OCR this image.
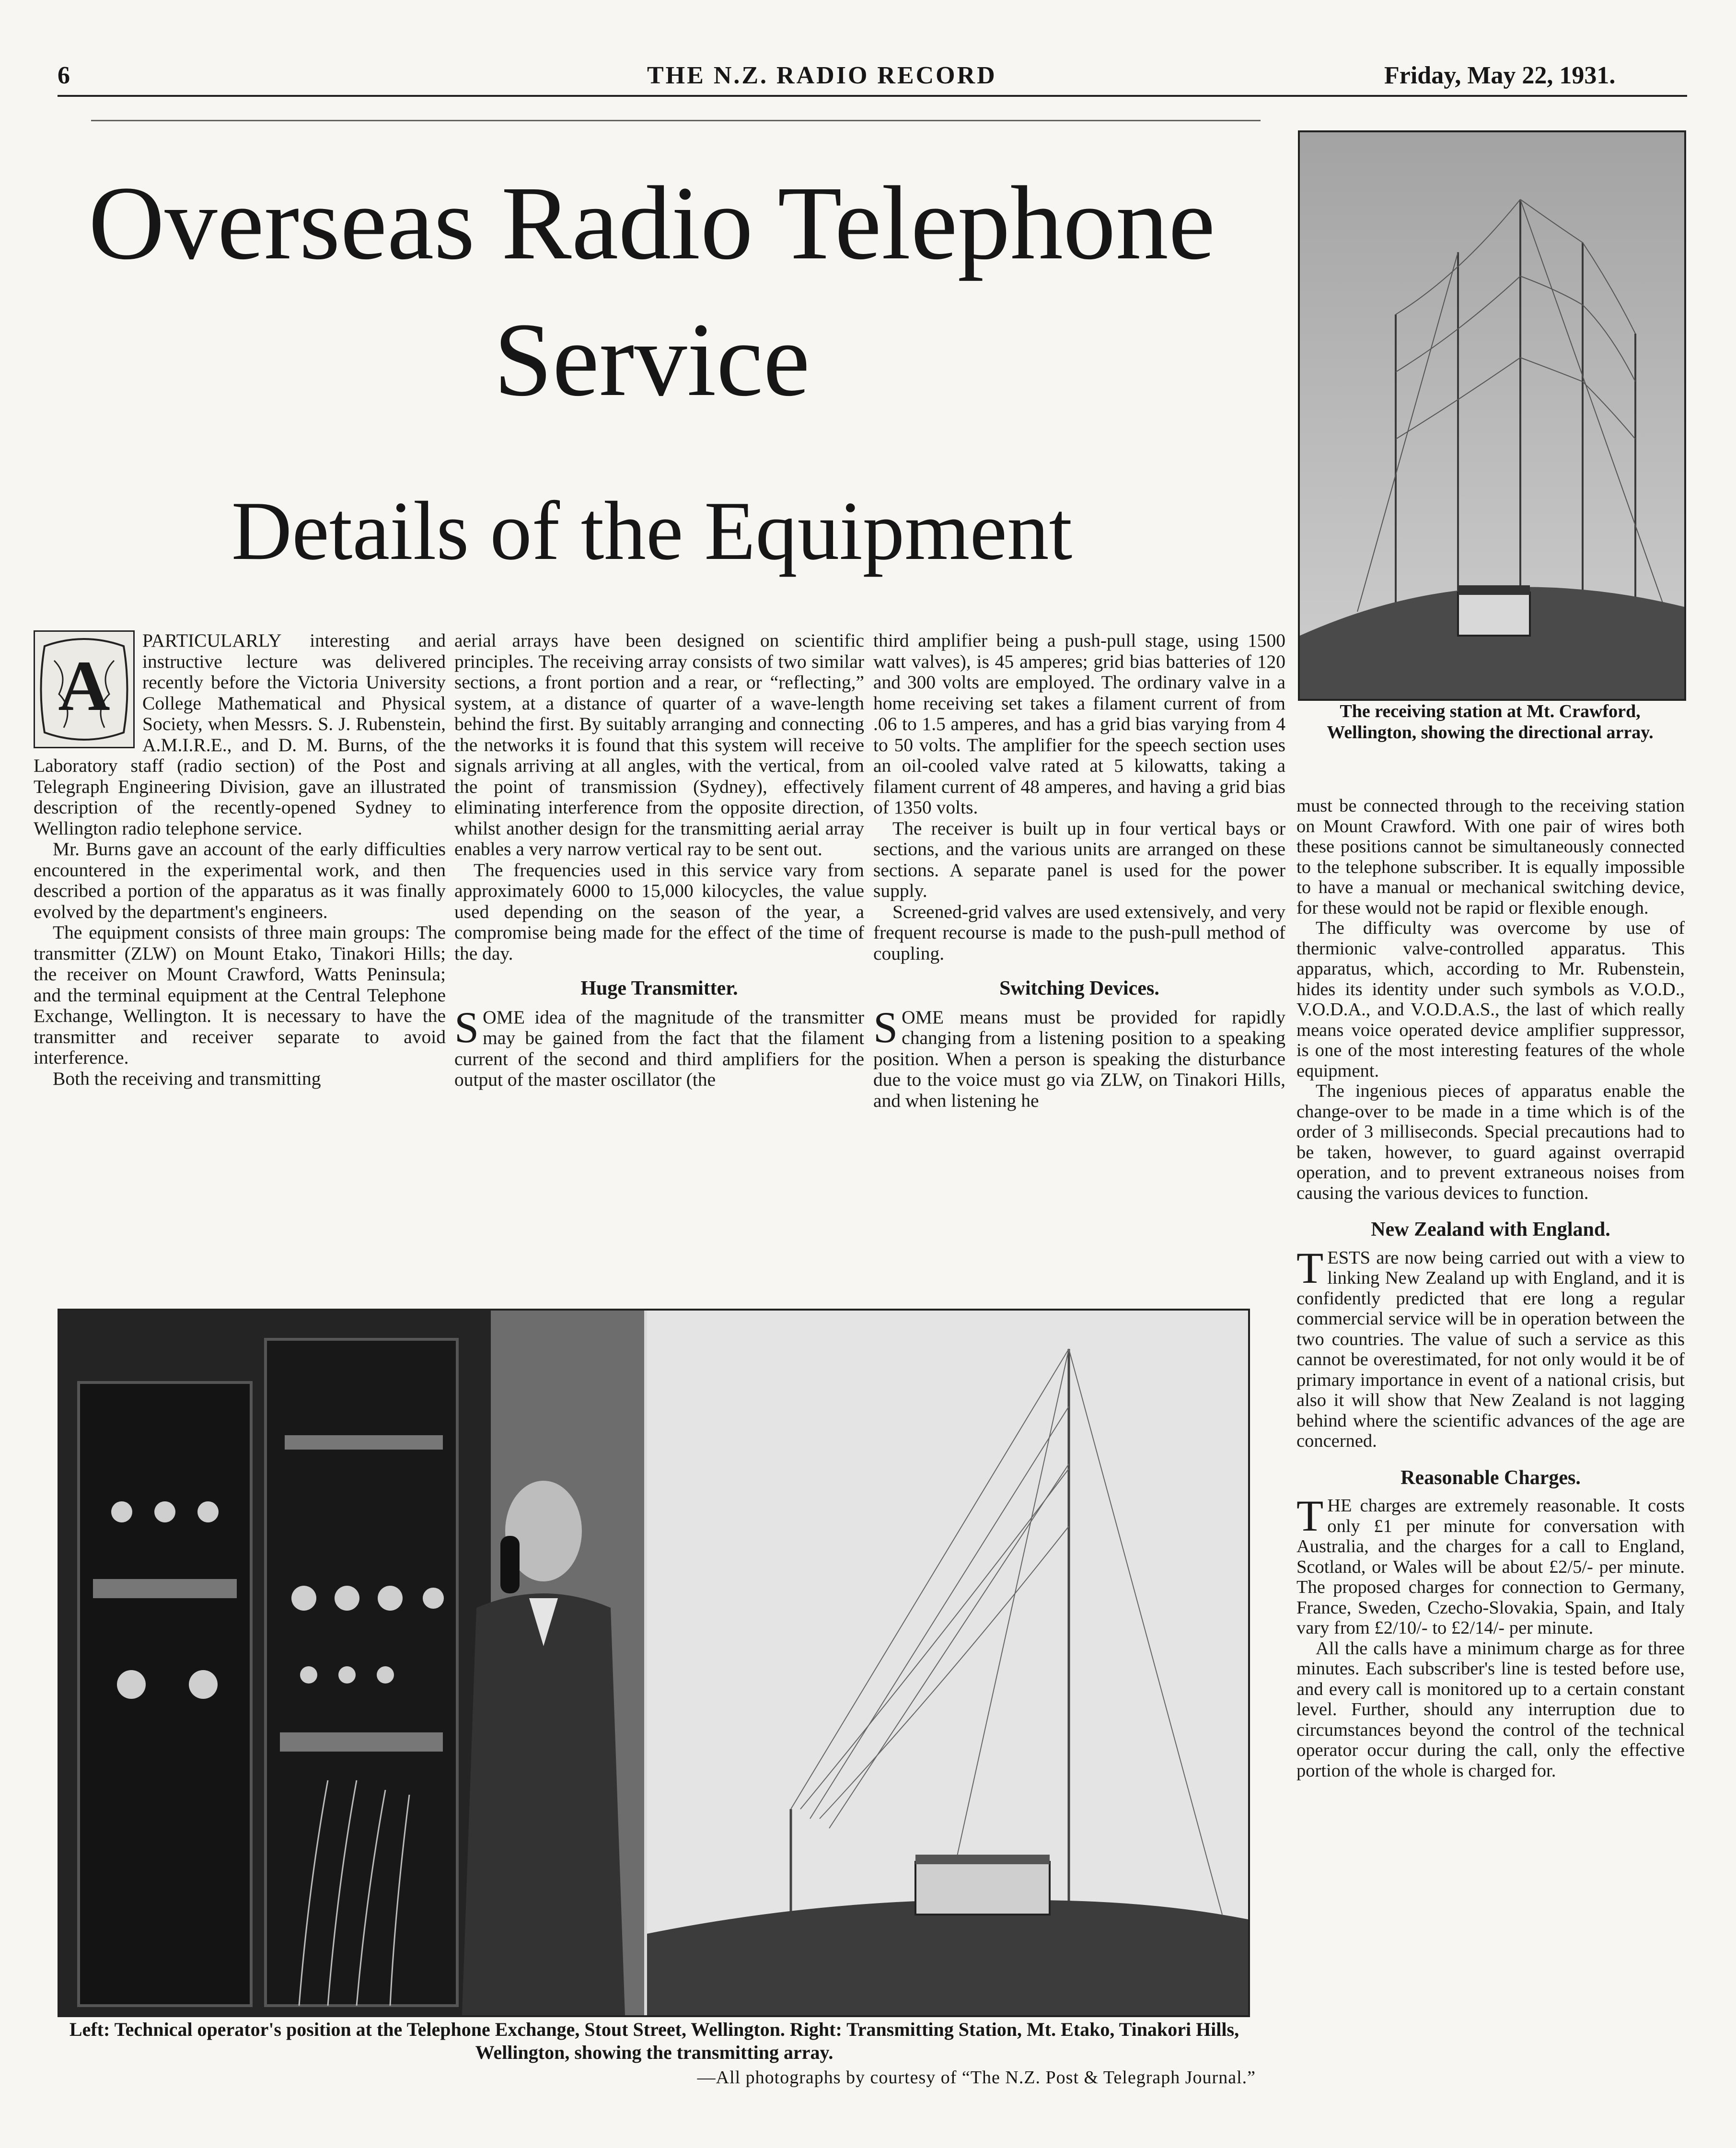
6	THE N.Z. RADIO RECORD	Friday, May 22, 1931.
Overseas Radio Telephone
Service
Details of the Equipment
The receiving station at Mt. Crawford, Wellington, showing the directional array.
A

PARTICULARLY interesting and instructive lecture was delivered recently before the Victoria University College Mathematical and Physical Society, when Messrs. S. J. Rubenstein, A.M.I.R.E., and D. M. Burns, of the Laboratory staff (radio section) of the Post and Telegraph Engineering Division, gave an illustrated description of the recently-opened Sydney to Wellington radio telephone service.

Mr. Burns gave an account of the early difficulties encountered in the experimental work, and then described a portion of the apparatus as it was finally evolved by the department's engineers.

The equipment consists of three main groups: The transmitter (ZLW) on Mount Etako, Tinakori Hills; the receiver on Mount Crawford, Watts Peninsula; and the terminal equipment at the Central Telephone Exchange, Wellington. It is necessary to have the transmitter and receiver separate to avoid interference.

Both the receiving and transmitting

aerial arrays have been designed on scientific principles. The receiving array consists of two similar sections, a front portion and a rear, or “reflecting,” system, at a distance of quarter of a wave-length behind the first. By suitably arranging and connecting the networks it is found that this system will receive signals arriving at all angles, with the vertical, from the point of transmission (Sydney), effectively eliminating interference from the opposite direction, whilst another design for the transmitting aerial array enables a very narrow vertical ray to be sent out.

The frequencies used in this service vary from approximately 6000 to 15,000 kilocycles, the value used depending on the season of the year, a compromise being made for the effect of the time of the day.

Huge Transmitter.

SOME idea of the magnitude of the transmitter may be gained from the fact that the filament current of the second and third amplifiers for the output of the master oscillator (the

third amplifier being a push-pull stage, using 1500 watt valves), is 45 amperes; grid bias batteries of 120 and 300 volts are employed. The ordinary valve in a home receiving set takes a filament current of from .06 to 1.5 amperes, and has a grid bias varying from 4 to 50 volts. The amplifier for the speech section uses an oil-cooled valve rated at 5 kilowatts, taking a filament current of 48 amperes, and having a grid bias of 1350 volts.

The receiver is built up in four vertical bays or sections, and the various units are arranged on these sections. A separate panel is used for the power supply.

Screened-grid valves are used extensively, and very frequent recourse is made to the push-pull method of coupling.

Switching Devices.

SOME means must be provided for rapidly changing from a listening position to a speaking position. When a person is speaking the disturbance due to the voice must go via ZLW, on Tinakori Hills, and when listening he

must be connected through to the receiving station on Mount Crawford. With one pair of wires both these positions cannot be simultaneously connected to the telephone subscriber. It is equally impossible to have a manual or mechanical switching device, for these would not be rapid or flexible enough.

The difficulty was overcome by use of thermionic valve-controlled apparatus. This apparatus, which, according to Mr. Rubenstein, hides its identity under such symbols as V.O.D., V.O.D.A., and V.O.D.A.S., the last of which really means voice operated device amplifier suppressor, is one of the most interesting features of the whole equipment.

The ingenious pieces of apparatus enable the change-over to be made in a time which is of the order of 3 milliseconds. Special precautions had to be taken, however, to guard against overrapid operation, and to prevent extraneous noises from causing the various devices to function.

New Zealand with England.

TESTS are now being carried out with a view to linking New Zealand up with England, and it is confidently predicted that ere long a regular commercial service will be in operation between the two countries. The value of such a service as this cannot be overestimated, for not only would it be of primary importance in event of a national crisis, but also it will show that New Zealand is not lagging behind where the scientific advances of the age are concerned.

Reasonable Charges.

THE charges are extremely reasonable. It costs only £1 per minute for conversation with Australia, and the charges for a call to England, Scotland, or Wales will be about £2/5/- per minute. The proposed charges for connection to Germany, France, Sweden, Czecho-Slovakia, Spain, and Italy vary from £2/10/- to £2/14/- per minute.

All the calls have a minimum charge as for three minutes. Each subscriber's line is tested before use, and every call is monitored up to a certain constant level. Further, should any interruption due to circumstances beyond the control of the technical operator occur during the call, only the effective portion of the whole is charged for.

Left: Technical operator's position at the Telephone Exchange, Stout Street, Wellington. Right: Transmitting Station, Mt. Etako, Tinakori Hills, Wellington, showing the transmitting array.
—All photographs by courtesy of “The N.Z. Post & Telegraph Journal.”
